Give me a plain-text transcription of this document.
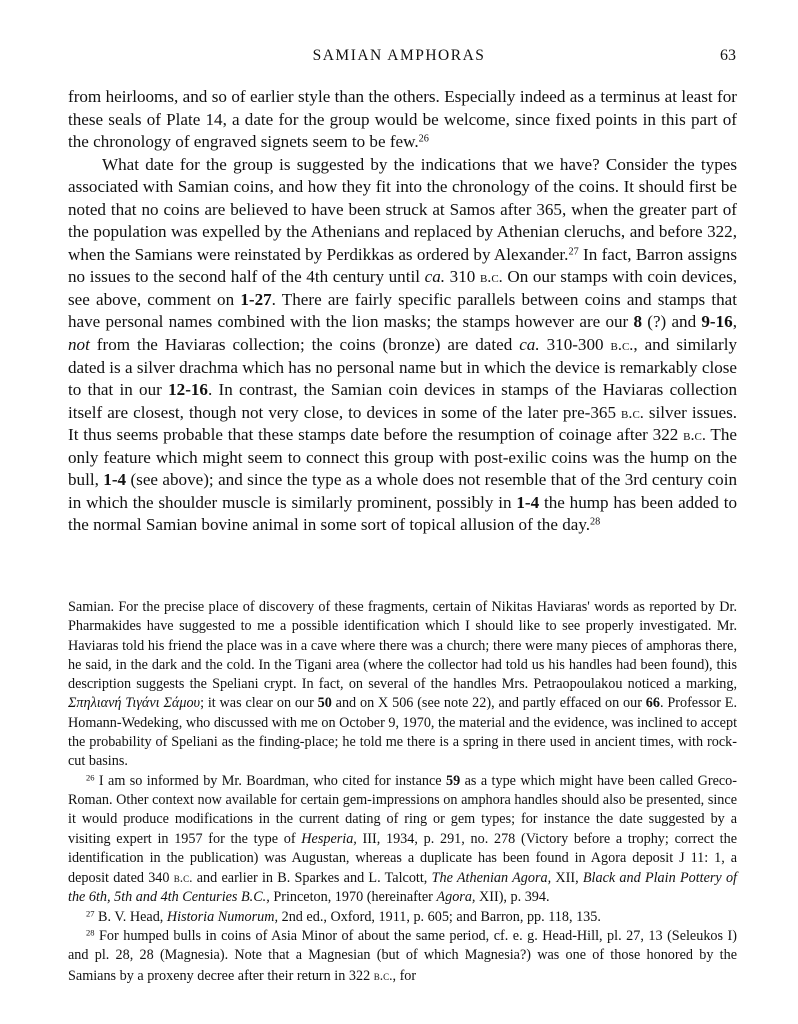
SAMIAN AMPHORAS	63

from heirlooms, and so of earlier style than the others. Especially indeed as a terminus at least for these seals of Plate 14, a date for the group would be welcome, since fixed points in this part of the chronology of engraved signets seem to be few.$^{26}$

What date for the group is suggested by the indications that we have? Consider the types associated with Samian coins, and how they fit into the chronology of the coins. It should first be noted that no coins are believed to have been struck at Samos after 365, when the greater part of the population was expelled by the Athenians and replaced by Athenian cleruchs, and before 322, when the Samians were reinstated by Perdikkas as ordered by Alexander.$^{27}$ In fact, Barron assigns no issues to the second half of the 4th century until ca. 310 b.c. On our stamps with coin devices, see above, comment on 1-27. There are fairly specific parallels between coins and stamps that have personal names combined with the lion masks; the stamps however are our 8 (?) and 9-16, not from the Haviaras collection; the coins (bronze) are dated ca. 310-300 b.c., and similarly dated is a silver drachma which has no personal name but in which the device is remarkably close to that in our 12-16. In contrast, the Samian coin devices in stamps of the Haviaras collection itself are closest, though not very close, to devices in some of the later pre-365 b.c. silver issues. It thus seems probable that these stamps date before the resumption of coinage after 322 b.c. The only feature which might seem to connect this group with post-exilic coins was the hump on the bull, 1-4 (see above); and since the type as a whole does not resemble that of the 3rd century coin in which the shoulder muscle is similarly prominent, possibly in 1-4 the hump has been added to the normal Samian bovine animal in some sort of topical allusion of the day.$^{28}$

Samian. For the precise place of discovery of these fragments, certain of Nikitas Haviaras' words as reported by Dr. Pharmakides have suggested to me a possible identification which I should like to see properly investigated. Mr. Haviaras told his friend the place was in a cave where there was a church; there were many pieces of amphoras there, he said, in the dark and the cold. In the Tigani area (where the collector had told us his handles had been found), this description suggests the Speliani crypt. In fact, on several of the handles Mrs. Petraopoulakou noticed a marking, Σπηλιανή Τιγάνι Σάμου; it was clear on our 50 and on X 506 (see note 22), and partly effaced on our 66. Professor E. Homann-Wedeking, who discussed with me on October 9, 1970, the material and the evidence, was inclined to accept the probability of Speliani as the finding-place; he told me there is a spring in there used in ancient times, with rock-cut basins.

$^{26}$ I am so informed by Mr. Boardman, who cited for instance 59 as a type which might have been called Greco-Roman. Other context now available for certain gem-impressions on amphora handles should also be presented, since it would produce modifications in the current dating of ring or gem types; for instance the date suggested by a visiting expert in 1957 for the type of Hesperia, III, 1934, p. 291, no. 278 (Victory before a trophy; correct the identification in the publication) was Augustan, whereas a duplicate has been found in Agora deposit J 11: 1, a deposit dated 340 b.c. and earlier in B. Sparkes and L. Talcott, The Athenian Agora, XII, Black and Plain Pottery of the 6th, 5th and 4th Centuries B.C., Princeton, 1970 (hereinafter Agora, XII), p. 394.

$^{27}$ B. V. Head, Historia Numorum, 2nd ed., Oxford, 1911, p. 605; and Barron, pp. 118, 135.

$^{28}$ For humped bulls in coins of Asia Minor of about the same period, cf. e. g. Head-Hill, pl. 27, 13 (Seleukos I) and pl. 28, 28 (Magnesia). Note that a Magnesian (but of which Magnesia?) was one of those honored by the Samians by a proxeny decree after their return in 322 b.c., for
